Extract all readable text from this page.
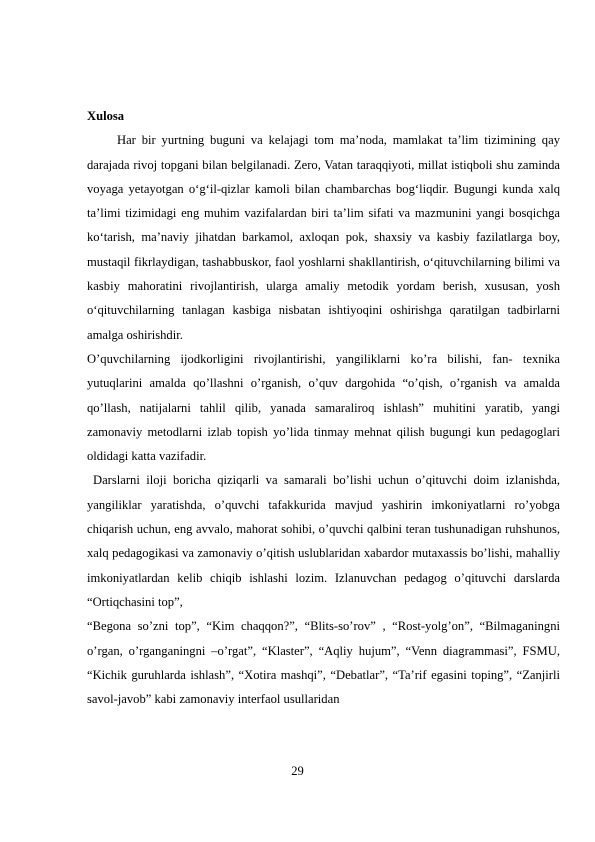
Xulosa

Har bir yurtning buguni va kelajagi tom ma’noda, mamlakat ta’lim tizimining qay darajada rivoj topgani bilan belgilanadi. Zero, Vatan taraqqiyoti, millat istiqboli shu zaminda voyaga yetayotgan o‘g‘il-qizlar kamoli bilan chambarchas bog‘liqdir. Bugungi kunda xalq ta’limi tizimidagi eng muhim vazifalardan biri ta’lim sifati va mazmunini yangi bosqichga ko‘tarish, ma’naviy jihatdan barkamol, axloqan pok, shaxsiy va kasbiy fazilatlarga boy, mustaqil fikrlaydigan, tashabbuskor, faol yoshlarni shakllantirish, o‘qituvchilarning bilimi va kasbiy mahoratini rivojlantirish, ularga amaliy metodik yordam berish, xususan, yosh o‘qituvchilarning tanlagan kasbiga nisbatan ishtiyoqini oshirishga qaratilgan tadbirlarni amalga oshirishdir.

O’quvchilarning ijodkorligini rivojlantirishi, yangiliklarni ko’ra bilishi, fan- texnika yutuqlarini amalda qo’llashni o’rganish, o’quv dargohida “o’qish, o’rganish va amalda qo’llash, natijalarni tahlil qilib, yanada samaraliroq ishlash” muhitini yaratib, yangi zamonaviy metodlarni izlab topish yo’lida tinmay mehnat qilish bugungi kun pedagoglari oldidagi katta vazifadir.

Darslarni iloji boricha qiziqarli va samarali bo’lishi uchun o’qituvchi doim izlanishda, yangiliklar yaratishda, o’quvchi tafakkurida mavjud yashirin imkoniyatlarni ro’yobga chiqarish uchun, eng avvalo, mahorat sohibi, o’quvchi qalbini teran tushunadigan ruhshunos, xalq pedagogikasi va zamonaviy o’qitish uslublaridan xabardor mutaxassis bo’lishi, mahalliy imkoniyatlardan kelib chiqib ishlashi lozim. Izlanuvchan pedagog o’qituvchi darslarda “Ortiqchasini top”,

“Begona so’zni top”, “Kim chaqqon?”, “Blits-so’rov” , “Rost-yolg’on”, “Bilmaganingni o’rgan, o’rganganingni –o’rgat”, “Klaster”, “Aqliy hujum”, “Venn diagrammasi”, FSMU, “Kichik guruhlarda ishlash”, “Xotira mashqi”, “Debatlar”, “Ta’rif egasini toping”, “Zanjirli savol-javob” kabi zamonaviy interfaol usullaridan

29
